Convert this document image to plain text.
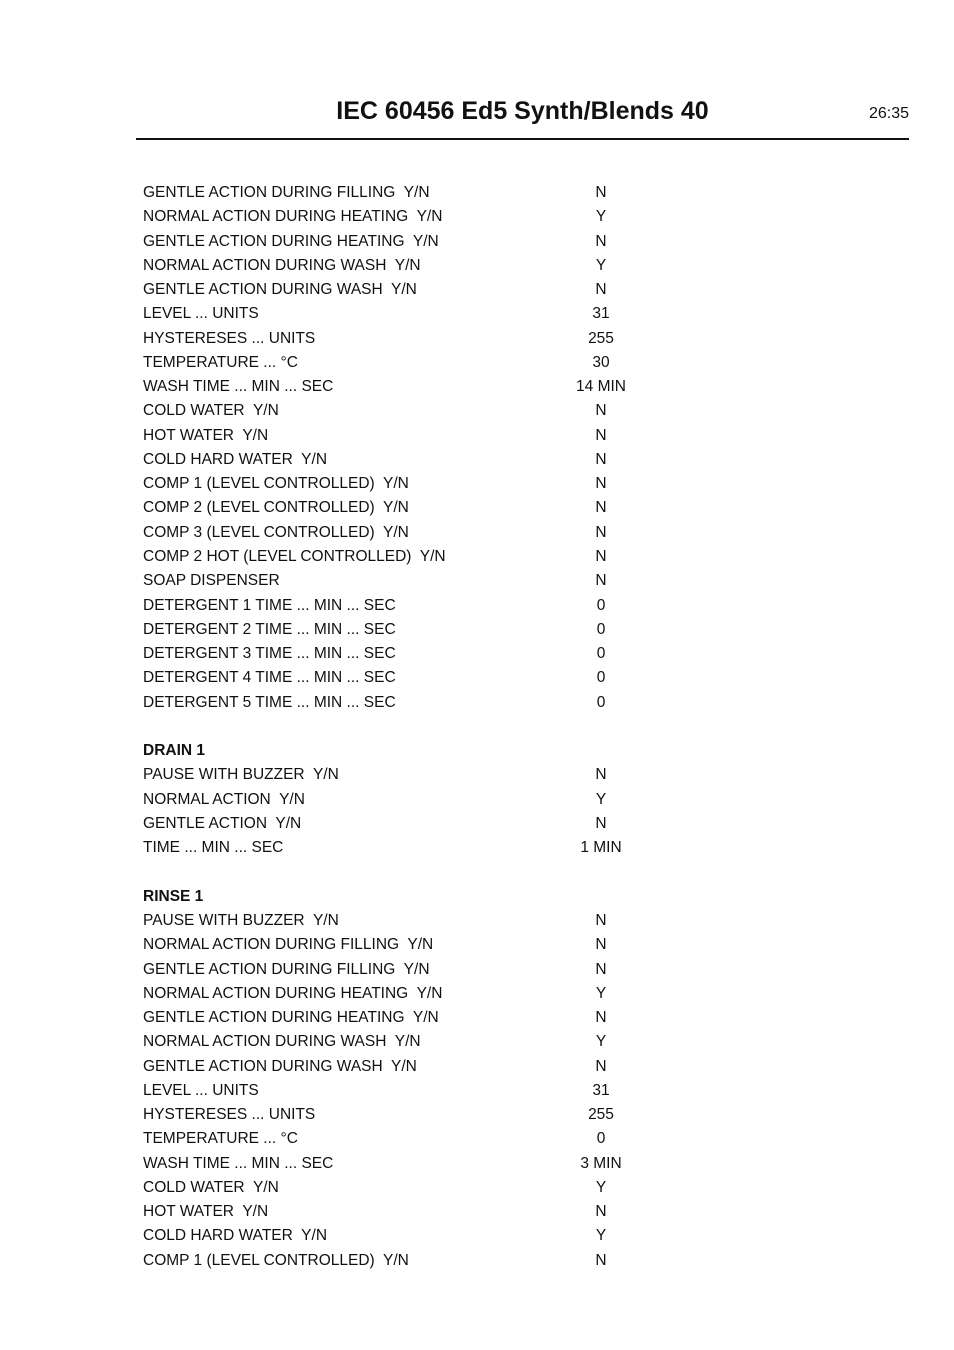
IEC 60456 Ed5 Synth/Blends 40	26:35
GENTLE ACTION DURING FILLING  Y/N	N
NORMAL ACTION DURING HEATING  Y/N	Y
GENTLE ACTION DURING HEATING  Y/N	N
NORMAL ACTION DURING WASH  Y/N	Y
GENTLE ACTION DURING WASH  Y/N	N
LEVEL ... UNITS	31
HYSTERESES ... UNITS	255
TEMPERATURE ... °C	30
WASH TIME ... MIN ... SEC	14 MIN
COLD WATER  Y/N	N
HOT WATER  Y/N	N
COLD HARD WATER  Y/N	N
COMP 1 (LEVEL CONTROLLED)  Y/N	N
COMP 2 (LEVEL CONTROLLED)  Y/N	N
COMP 3 (LEVEL CONTROLLED)  Y/N	N
COMP 2 HOT (LEVEL CONTROLLED)  Y/N	N
SOAP DISPENSER	N
DETERGENT 1 TIME ... MIN ... SEC	0
DETERGENT 2 TIME ... MIN ... SEC	0
DETERGENT 3 TIME ... MIN ... SEC	0
DETERGENT 4 TIME ... MIN ... SEC	0
DETERGENT 5 TIME ... MIN ... SEC	0
DRAIN 1
PAUSE WITH BUZZER  Y/N	N
NORMAL ACTION  Y/N	Y
GENTLE ACTION  Y/N	N
TIME ... MIN ... SEC	1 MIN
RINSE 1
PAUSE WITH BUZZER  Y/N	N
NORMAL ACTION DURING FILLING  Y/N	N
GENTLE ACTION DURING FILLING  Y/N	N
NORMAL ACTION DURING HEATING  Y/N	Y
GENTLE ACTION DURING HEATING  Y/N	N
NORMAL ACTION DURING WASH  Y/N	Y
GENTLE ACTION DURING WASH  Y/N	N
LEVEL ... UNITS	31
HYSTERESES ... UNITS	255
TEMPERATURE ... °C	0
WASH TIME ... MIN ... SEC	3 MIN
COLD WATER  Y/N	Y
HOT WATER  Y/N	N
COLD HARD WATER  Y/N	Y
COMP 1 (LEVEL CONTROLLED)  Y/N	N
